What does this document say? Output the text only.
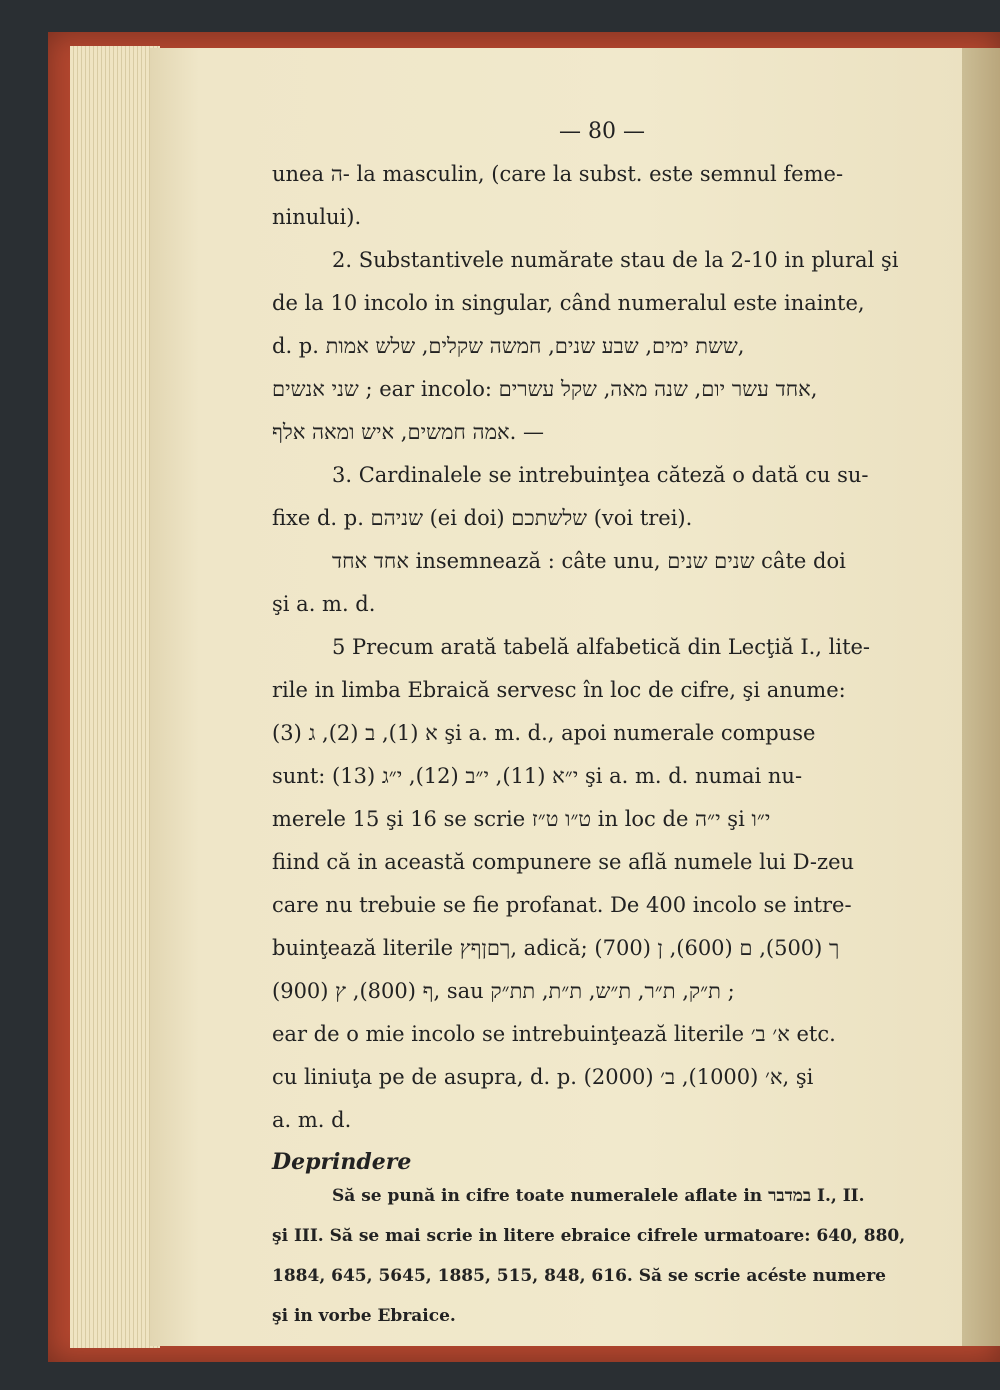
— 80 —
unea ה- la masculin, (care la subst. este semnul feme-
ninului).
2. Substantivele numărate stau de la 2-10 in plural şi
de la 10 incolo in singular, când numeralul este inainte,
d. p. ששת ימים, שבע שנים, חמשה שקלים, שלש אמות,
שני אנשים ; ear incolo: אחד עשר יום, שנה מאה, שקל עשרים,
אמה חמשים, איש ומאה אלף. —
3. Cardinalele se intrebuinţea căteză o dată cu su-
fixe d. p. שניהם (ei doi) שלשתכם (voi trei).
אחד אחד insemnează : câte unu, שנים שנים câte doi
şi a. m. d.
5 Precum arată tabelă alfabetică din Lecţiă I., lite-
rile in limba Ebraică servesc în loc de cifre, şi anume:
א (1), ב (2), ג (3) şi a. m. d., apoi numerale compuse
sunt: י״א (11), י״ב (12), י״ג (13) şi a. m. d. numai nu-
merele 15 şi 16 se scrie ט״ו ט״ז in loc de י״ה şi י״ו
fiind că in această compunere se află numele lui D-zeu
care nu trebuie se fie profanat. De 400 incolo se intre-
buinţează literile ךםןףץ, adică; ך (500), ם (600), ן (700)
ף (800), ץ (900), sau ת״ק, ת״ר, ת״ש, ת״ת, תת״ק ;
ear de o mie incolo se intrebuinţează literile א׳ ב׳ etc.
cu liniuţa pe de asupra, d. p. א׳ (1000), ב׳ (2000), şi
a. m. d.
Deprindere
Să se pună in cifre toate numeralele aflate in במדבר I., II.
şi III. Să se mai scrie in litere ebraice cifrele urmatoare: 640, 880,
1884, 645, 5645, 1885, 515, 848, 616. Să se scrie acéste numere
şi in vorbe Ebraice.
